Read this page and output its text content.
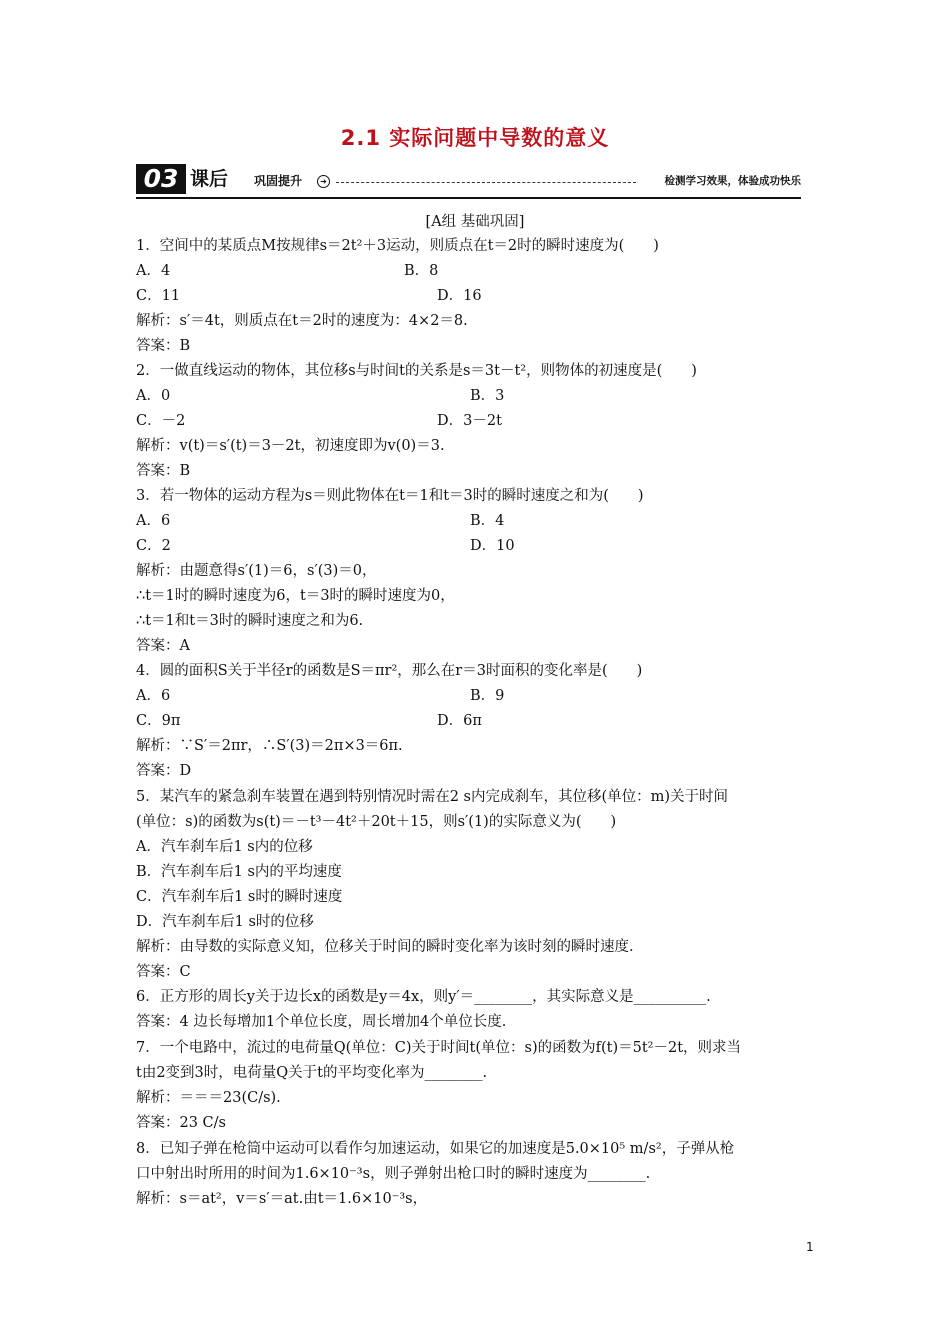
2.1 实际问题中导数的意义
03 课后 巩固提升	➜	检测学习效果，体验成功快乐
[A组 基础巩固]
1．空间中的某质点M按规律s＝2t²＋3运动，则质点在t＝2时的瞬时速度为(　　)
A．4	B．8
C．11	D．16
解析：s′＝4t，则质点在t＝2时的速度为：4×2＝8.
答案：B
2．一做直线运动的物体，其位移s与时间t的关系是s＝3t－t²，则物体的初速度是(　　)
A．0	B．3
C．－2	D．3－2t
解析：v(t)＝s′(t)＝3－2t，初速度即为v(0)＝3.
答案：B
3．若一物体的运动方程为s＝则此物体在t＝1和t＝3时的瞬时速度之和为(　　)
A．6	B．4
C．2	D．10
解析：由题意得s′(1)＝6，s′(3)＝0，
∴t＝1时的瞬时速度为6，t＝3时的瞬时速度为0，
∴t＝1和t＝3时的瞬时速度之和为6.
答案：A
4．圆的面积S关于半径r的函数是S＝πr²，那么在r＝3时面积的变化率是(　　)
A．6	B．9
C．9π	D．6π
解析：∵S′＝2πr，∴S′(3)＝2π×3＝6π.
答案：D
5．某汽车的紧急刹车装置在遇到特别情况时需在2 s内完成刹车，其位移(单位：m)关于时间
(单位：s)的函数为s(t)＝－t³－4t²＋20t＋15，则s′(1)的实际意义为(　　)
A．汽车刹车后1 s内的位移
B．汽车刹车后1 s内的平均速度
C．汽车刹车后1 s时的瞬时速度
D．汽车刹车后1 s时的位移
解析：由导数的实际意义知，位移关于时间的瞬时变化率为该时刻的瞬时速度.
答案：C
6．正方形的周长y关于边长x的函数是y＝4x，则y′＝________，其实际意义是__________.
答案：4 边长每增加1个单位长度，周长增加4个单位长度.
7．一个电路中，流过的电荷量Q(单位：C)关于时间t(单位：s)的函数为f(t)＝5t²－2t，则求当
t由2变到3时，电荷量Q关于t的平均变化率为________.
解析：＝＝＝23(C/s).
答案：23 C/s
8．已知子弹在枪筒中运动可以看作匀加速运动，如果它的加速度是5.0×10⁵ m/s²，子弹从枪
口中射出时所用的时间为1.6×10⁻³s，则子弹射出枪口时的瞬时速度为________.
解析：s＝at²，v＝s′＝at.由t＝1.6×10⁻³s，
1
